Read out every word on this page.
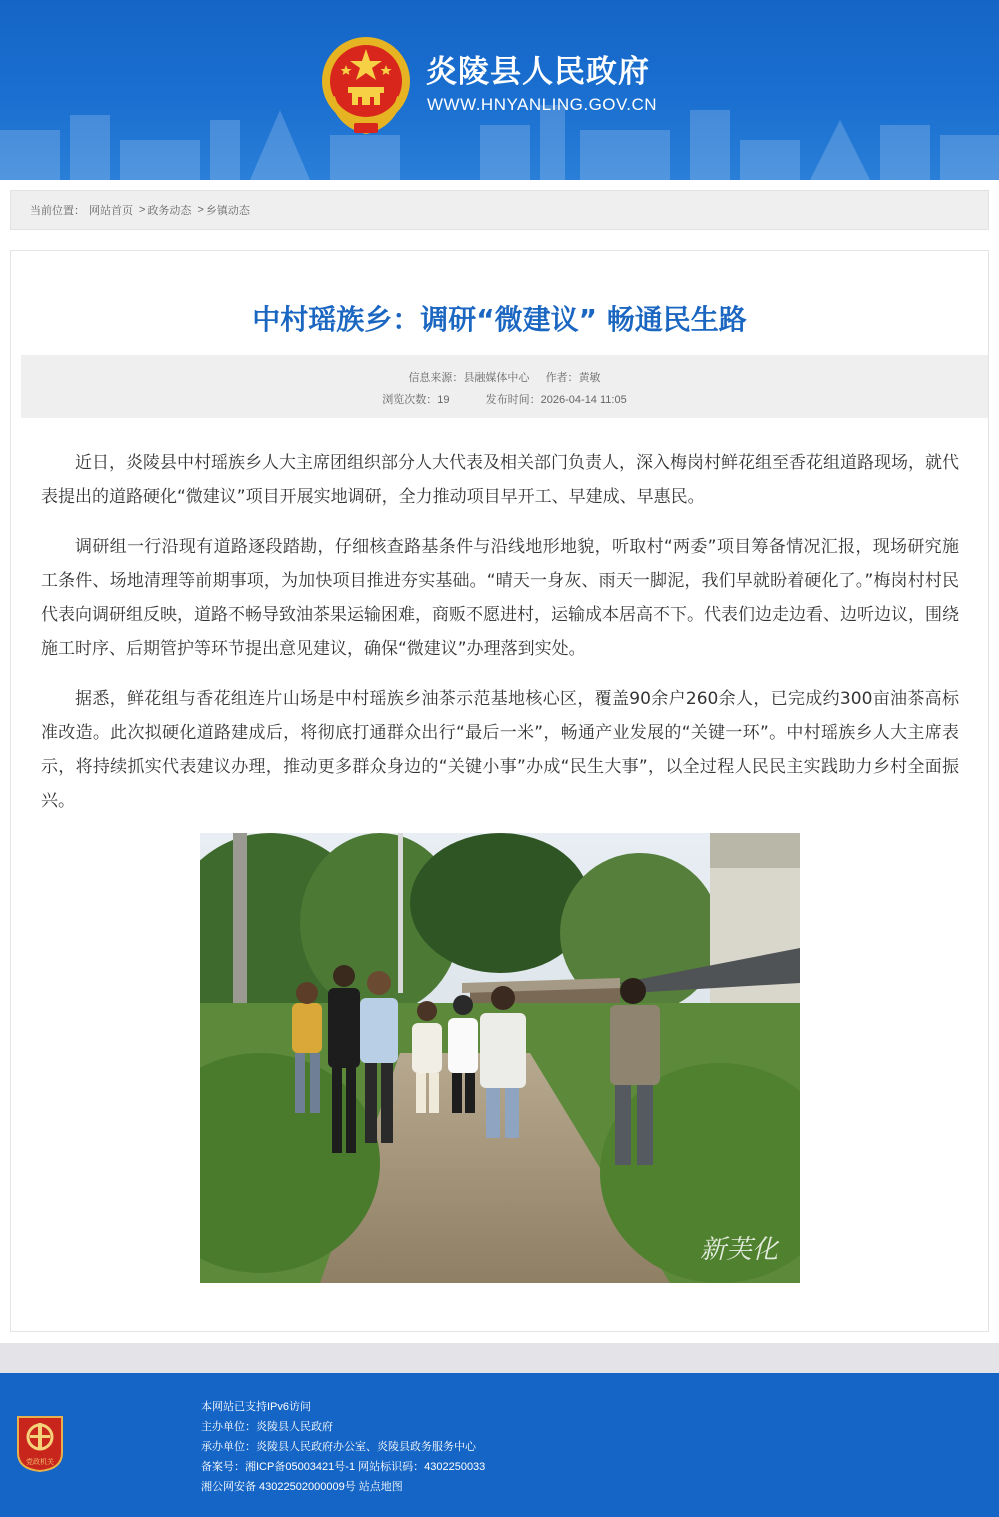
炎陵县人民政府
WWW.HNYANLING.GOV.CN
当前位置： 网站首页 > 政务动态 > 乡镇动态
中村瑶族乡：调研“微建议” 畅通民生路
信息来源：县融媒体中心 作者：黄敏
浏览次数：19	发布时间：2026-04-14 11:05

近日，炎陵县中村瑶族乡人大主席团组织部分人大代表及相关部门负责人，深入梅岗村鲜花组至香花组道路现场，就代表提出的道路硬化“微建议”项目开展实地调研，全力推动项目早开工、早建成、早惠民。

调研组一行沿现有道路逐段踏勘，仔细核查路基条件与沿线地形地貌，听取村“两委”项目筹备情况汇报，现场研究施工条件、场地清理等前期事项，为加快项目推进夯实基础。“晴天一身灰、雨天一脚泥，我们早就盼着硬化了。”梅岗村村民代表向调研组反映，道路不畅导致油茶果运输困难，商贩不愿进村，运输成本居高不下。代表们边走边看、边听边议，围绕施工时序、后期管护等环节提出意见建议，确保“微建议”办理落到实处。

据悉，鲜花组与香花组连片山场是中村瑶族乡油茶示范基地核心区，覆盖90余户260余人，已完成约300亩油茶高标准改造。此次拟硬化道路建成后，将彻底打通群众出行“最后一米”，畅通产业发展的“关键一环”。中村瑶族乡人大主席表示，将持续抓实代表建议办理，推动更多群众身边的“关键小事”办成“民生大事”，以全过程人民民主实践助力乡村全面振兴。

新芙化
党政机关
本网站已支持IPv6访问
主办单位：炎陵县人民政府
承办单位：炎陵县人民政府办公室、炎陵县政务服务中心
备案号：湘ICP备05003421号-1 网站标识码：4302250033
湘公网安备 43022502000009号 站点地图
